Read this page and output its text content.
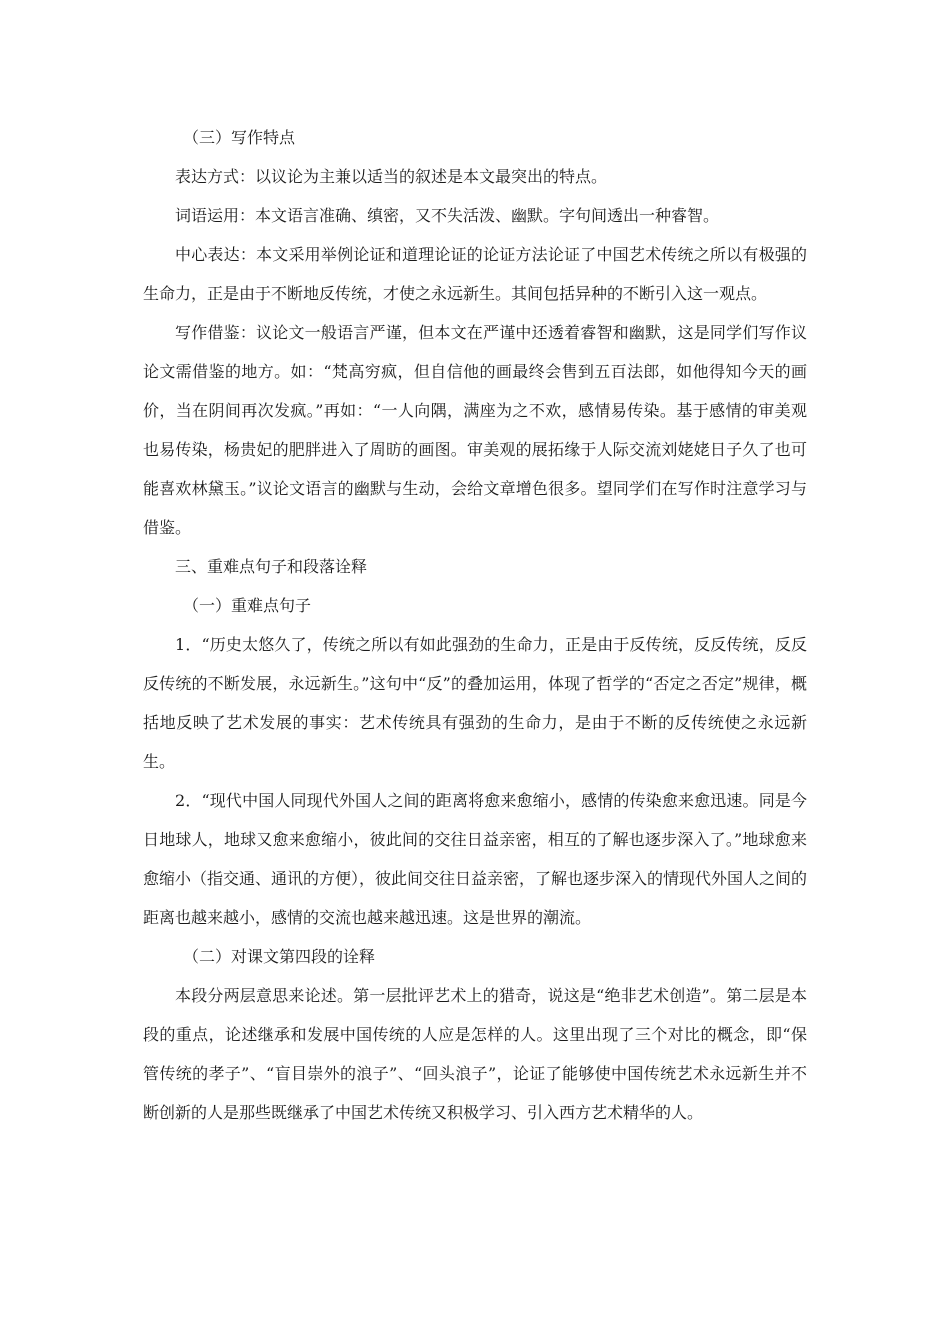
（三）写作特点

表达方式：以议论为主兼以适当的叙述是本文最突出的特点。

词语运用：本文语言准确、缜密，又不失活泼、幽默。字句间透出一种睿智。

中心表达：本文采用举例论证和道理论证的论证方法论证了中国艺术传统之所以有极强的生命力，正是由于不断地反传统，才使之永远新生。其间包括异种的不断引入这一观点。

写作借鉴：议论文一般语言严谨，但本文在严谨中还透着睿智和幽默，这是同学们写作议论文需借鉴的地方。如：“梵高穷疯，但自信他的画最终会售到五百法郎，如他得知今天的画价，当在阴间再次发疯。”再如：“一人向隅，满座为之不欢，感情易传染。基于感情的审美观也易传染，杨贵妃的肥胖进入了周昉的画图。审美观的展拓缘于人际交流刘姥姥日子久了也可能喜欢林黛玉。”议论文语言的幽默与生动，会给文章增色很多。望同学们在写作时注意学习与借鉴。

三、重难点句子和段落诠释

（一）重难点句子

1．“历史太悠久了，传统之所以有如此强劲的生命力，正是由于反传统，反反传统，反反反传统的不断发展，永远新生。”这句中“反”的叠加运用，体现了哲学的“否定之否定”规律，概括地反映了艺术发展的事实：艺术传统具有强劲的生命力，是由于不断的反传统使之永远新生。

2．“现代中国人同现代外国人之间的距离将愈来愈缩小，感情的传染愈来愈迅速。同是今日地球人，地球又愈来愈缩小，彼此间的交往日益亲密，相互的了解也逐步深入了。”地球愈来愈缩小（指交通、通讯的方便），彼此间交往日益亲密，了解也逐步深入的情现代外国人之间的距离也越来越小，感情的交流也越来越迅速。这是世界的潮流。

（二）对课文第四段的诠释

本段分两层意思来论述。第一层批评艺术上的猎奇，说这是“绝非艺术创造”。第二层是本段的重点，论述继承和发展中国传统的人应是怎样的人。这里出现了三个对比的概念，即“保管传统的孝子”、“盲目崇外的浪子”、“回头浪子”，论证了能够使中国传统艺术永远新生并不断创新的人是那些既继承了中国艺术传统又积极学习、引入西方艺术精华的人。
